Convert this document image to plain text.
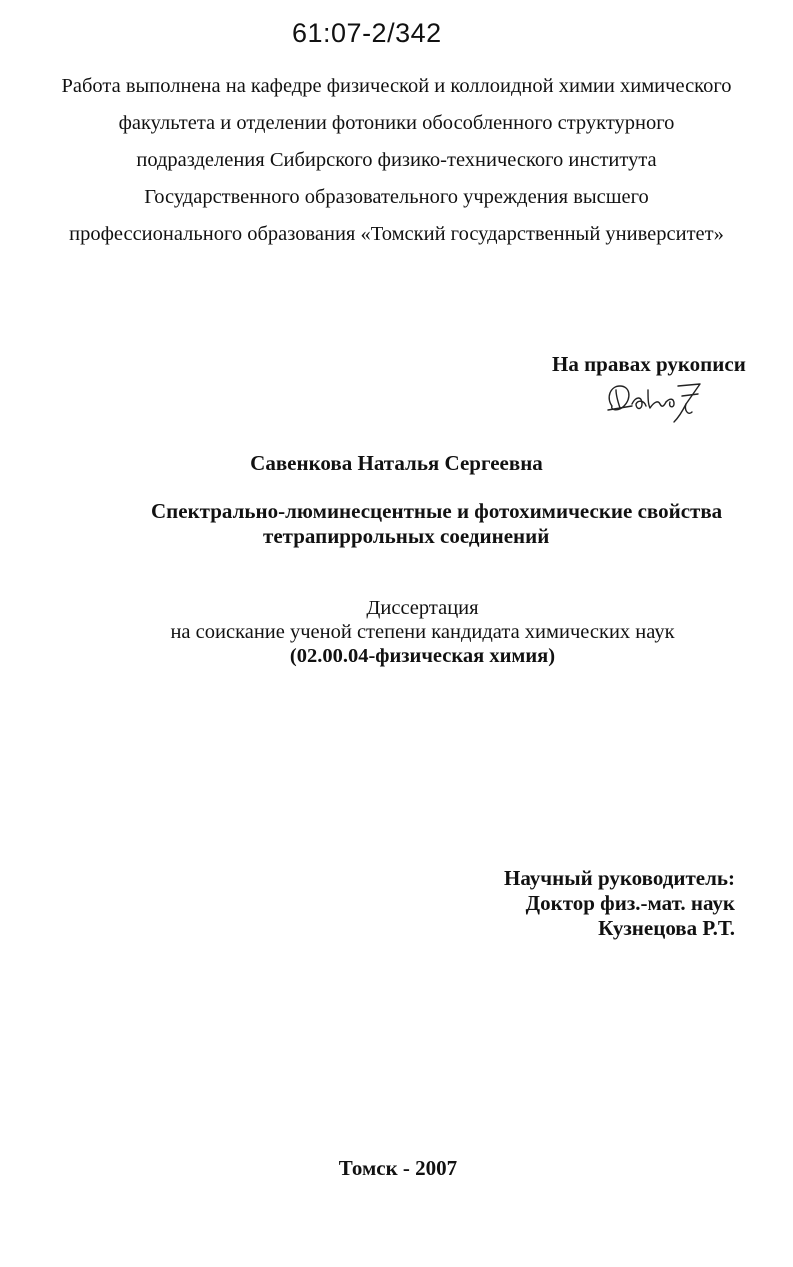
61:07-2/342
Работа выполнена на кафедре физической и коллоидной химии химического
факультета и отделении фотоники обособленного структурного
подразделения Сибирского физико-технического института
Государственного образовательного учреждения высшего
профессионального образования «Томский государственный университет»
На правах рукописи
Савенкова Наталья Сергеевна
Спектрально-люминесцентные и фотохимические свойства
тетрапиррольных соединений
Диссертация
на соискание ученой степени кандидата химических наук
(02.00.04-физическая химия)
Научный руководитель:
Доктор физ.-мат. наук
Кузнецова Р.Т.
Томск - 2007
